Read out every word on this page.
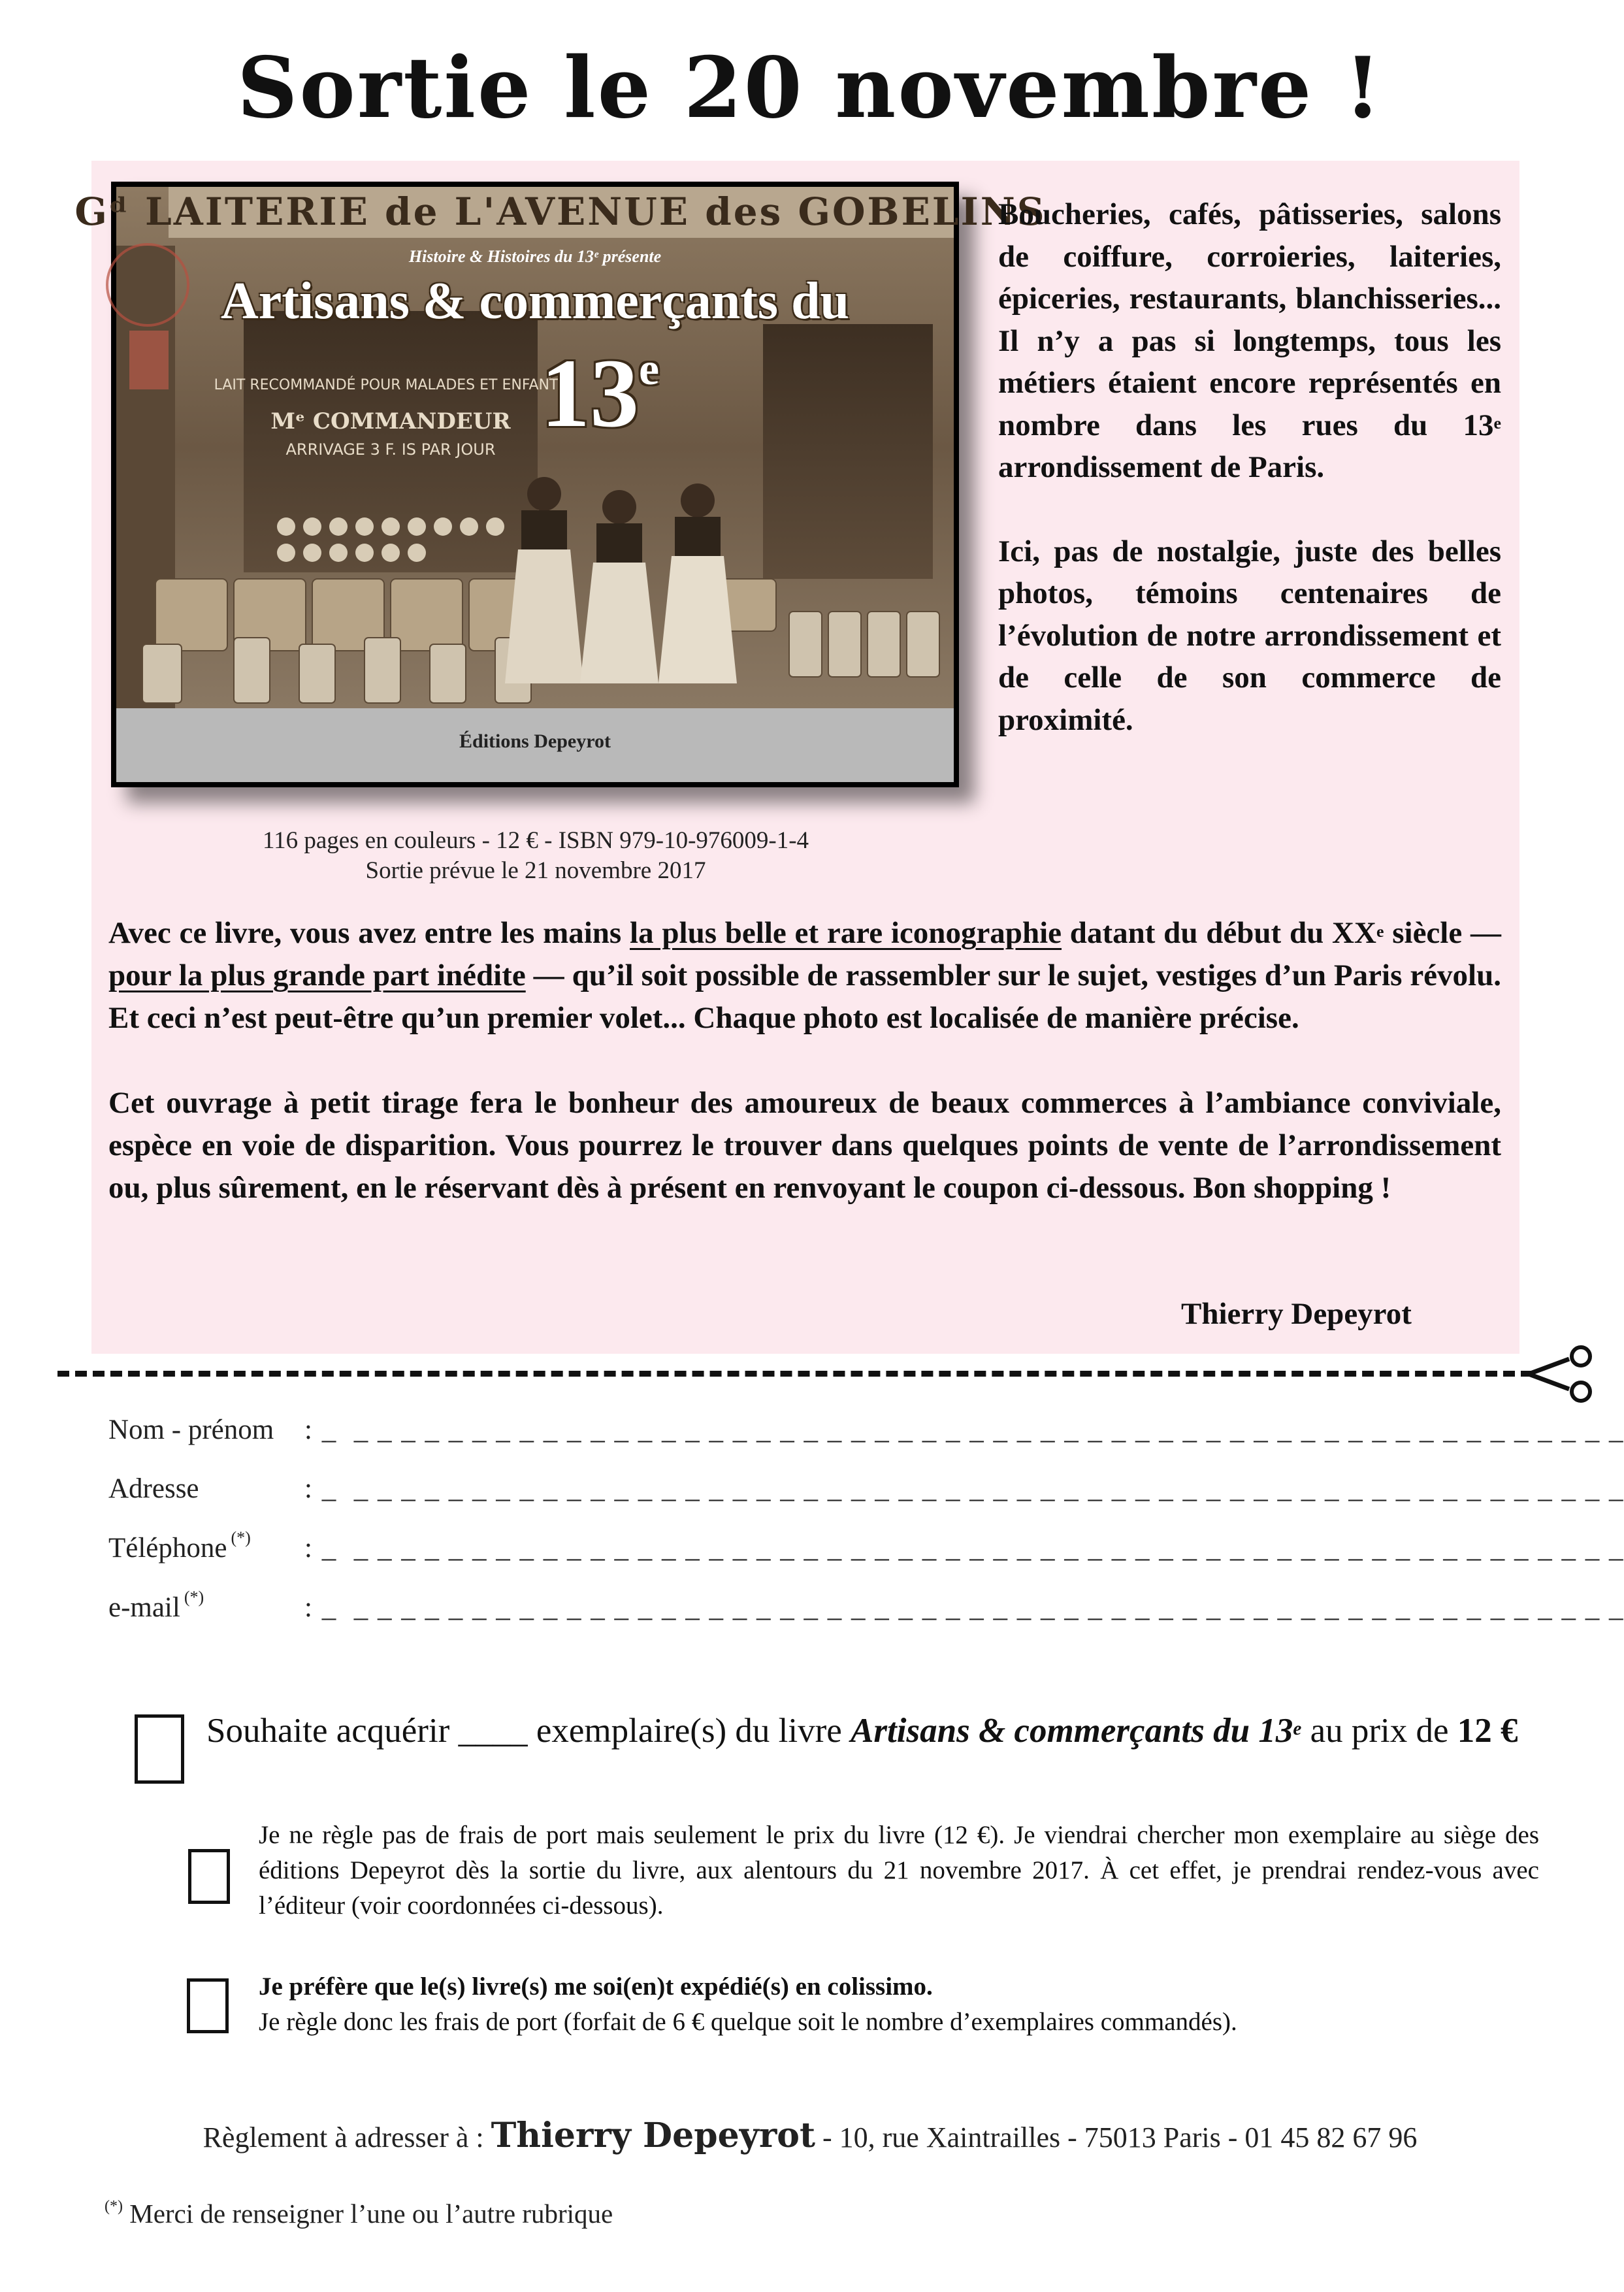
Sortie le 20 novembre !
Gᵈ LAITERIE de L'AVENUE des GOBELINS
LAIT RECOMMANDÉ POUR MALADES ET ENFANTS
Mᵉ COMMANDEUR
ARRIVAGE 3 F. IS PAR JOUR
Histoire & Histoires du 13ᵉ présente
Artisans & commerçants du
13e
Éditions Depeyrot

Boucheries, cafés, pâtisseries, salons de coiffure, corroieries, laiteries, épiceries, restaurants, blanchisseries... Il n’y a pas si longtemps, tous les métiers étaient encore représentés en nombre dans les rues du 13e arrondissement de Paris.

Ici, pas de nostalgie, juste des belles photos, témoins centenaires de l’évolution de notre arrondissement et de celle de son commerce de proximité.

116 pages en couleurs - 12 € - ISBN 979-10-976009-1-4
Sortie prévue le 21 novembre 2017

Avec ce livre, vous avez entre les mains la plus belle et rare iconographie datant du début du XXe siècle — pour la plus grande part inédite — qu’il soit possible de rassembler sur le sujet, vestiges d’un Paris révolu. Et ceci n’est peut-être qu’un premier volet... Chaque photo est localisée de manière précise.

Cet ouvrage à petit tirage fera le bonheur des amoureux de beaux commerces à l’ambiance conviviale, espèce en voie de disparition. Vous pourrez le trouver dans quelques points de vente de l’arrondissement ou, plus sûrement, en le réservant dès à présent en renvoyant le coupon ci-dessous. Bon shopping !

Thierry Depeyrot
Nom - prénom : _  _ _ _ _ _ _ _ _ _ _ _ _ _ _ _ _ _ _ _ _ _ _ _ _ _ _ _ _ _ _ _ _ _ _ _ _ _ _ _ _ _ _ _ _ _ _ _ _ _ _ _ _ _ _
Adresse	: _  _ _ _ _ _ _ _ _ _ _ _ _ _ _ _ _ _ _ _ _ _ _ _ _ _ _ _ _ _ _ _ _ _ _ _ _ _ _ _ _ _ _ _ _ _ _ _ _ _ _ _ _ _ _
Téléphone (*) : _  _ _ _ _ _ _ _ _ _ _ _ _ _ _ _ _ _ _ _ _ _ _ _ _ _ _ _ _ _ _ _ _ _ _ _ _ _ _ _ _ _ _ _ _ _ _ _ _ _ _ _ _ _ _
e-mail (*)	: _  _ _ _ _ _ _ _ _ _ _ _ _ _ _ _ _ _ _ _ _ _ _ _ _ _ _ _ _ _ _ _ _ _ _ _ _ _ _ _ _ _ _ _ _ _ _ _ _ _ _ _ _ _ _
Souhaite acquérir ____ exemplaire(s) du livre Artisans & commerçants du 13e au prix de 12 €
Je ne règle pas de frais de port mais seulement le prix du livre (12 €). Je viendrai chercher mon exemplaire au siège des éditions Depeyrot dès la sortie du livre, aux alentours du 21 novembre 2017. À cet effet, je prendrai rendez-vous avec l’éditeur (voir coordonnées ci-dessous).
Je préfère que le(s) livre(s) me soi(en)t expédié(s) en colissimo.
Je règle donc les frais de port (forfait de 6 € quelque soit le nombre d’exemplaires commandés).
Règlement à adresser à : Thierry Depeyrot - 10, rue Xaintrailles - 75013 Paris - 01 45 82 67 96
(*) Merci de renseigner l’une ou l’autre rubrique
